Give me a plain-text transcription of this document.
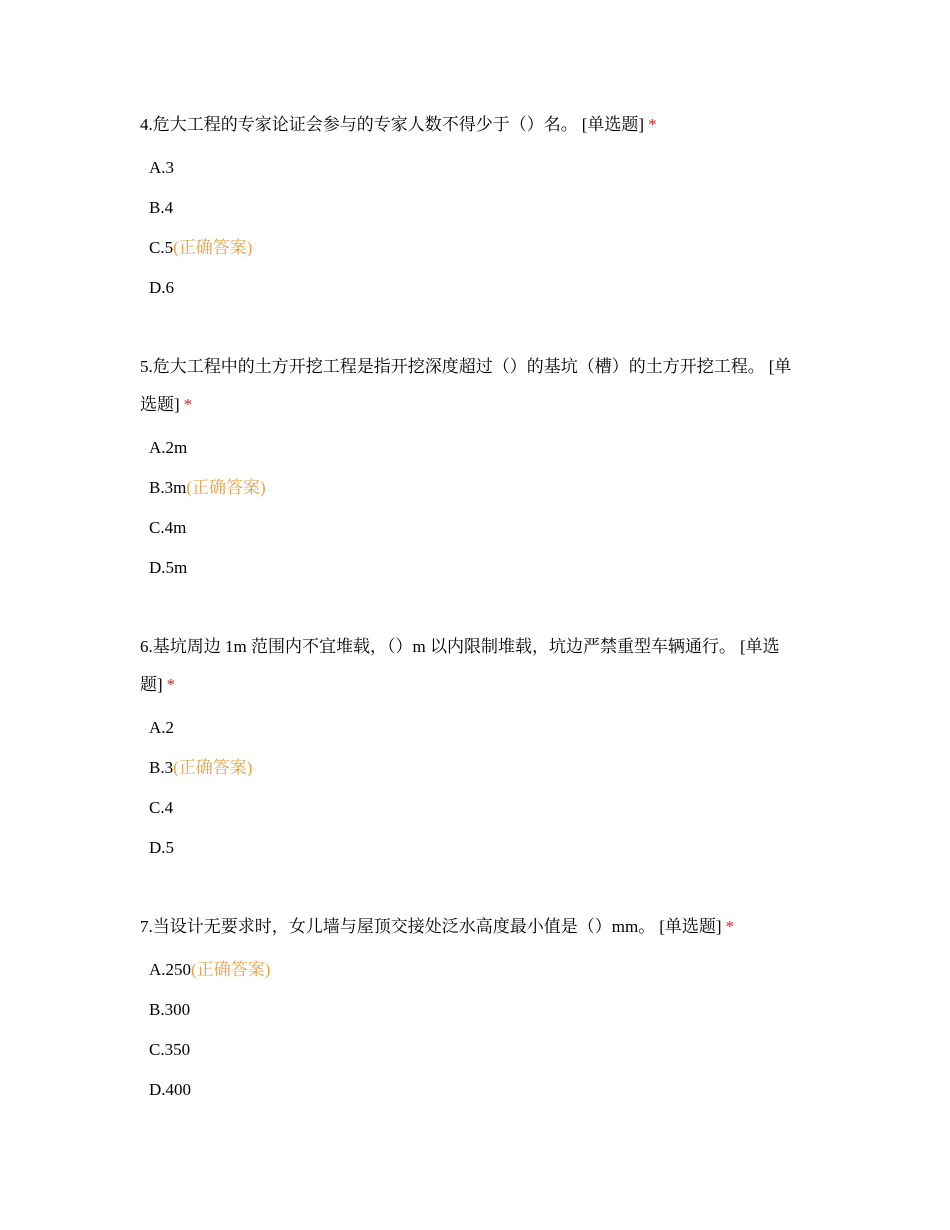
4.危大工程的专家论证会参与的专家人数不得少于（）名。 [单选题] *

A.3
B.4
C.5(正确答案)
D.6

5.危大工程中的土方开挖工程是指开挖深度超过（）的基坑（槽）的土方开挖工程。 [单选题] *

A.2m
B.3m(正确答案)
C.4m
D.5m

6.基坑周边 1m 范围内不宜堆载，（）m 以内限制堆载，坑边严禁重型车辆通行。 [单选题] *

A.2
B.3(正确答案)
C.4
D.5

7.当设计无要求时，女儿墙与屋顶交接处泛水高度最小值是（）mm。 [单选题] *

A.250(正确答案)
B.300
C.350
D.400
